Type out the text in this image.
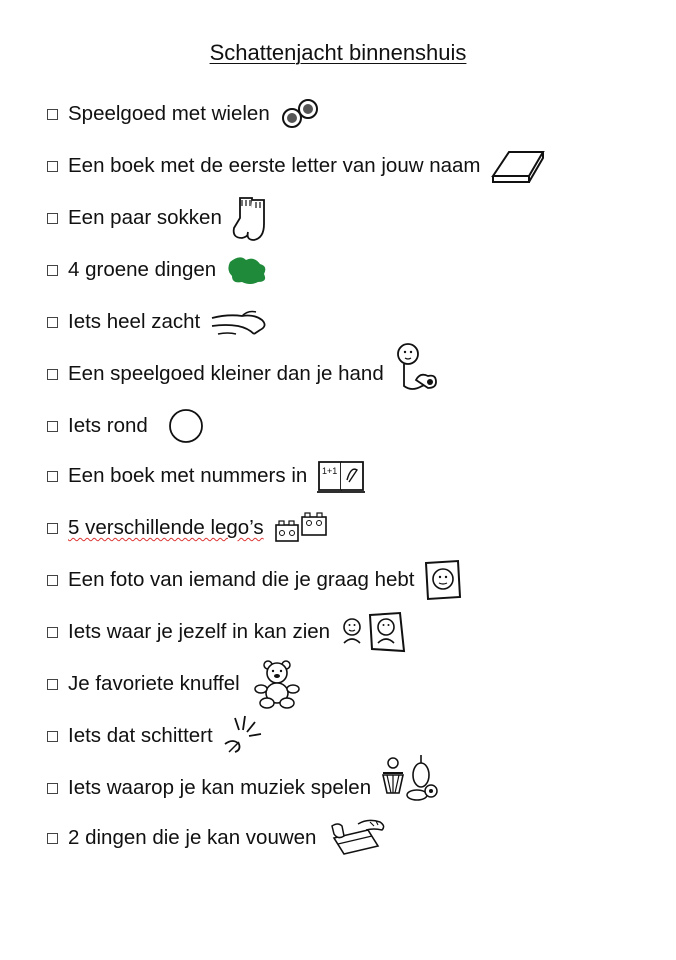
Schattenjacht binnenshuis
Speelgoed met wielen
Een boek met de eerste letter van jouw naam
Een paar sokken
4 groene dingen
Iets heel zacht
Een speelgoed kleiner dan je hand
Iets rond
Een boek met nummers in 1+1
5 verschillende lego’s
Een foto van iemand die je graag hebt
Iets waar je jezelf in kan zien
Je favoriete knuffel
Iets dat schittert
Iets waarop je kan muziek spelen
2 dingen die je kan vouwen
